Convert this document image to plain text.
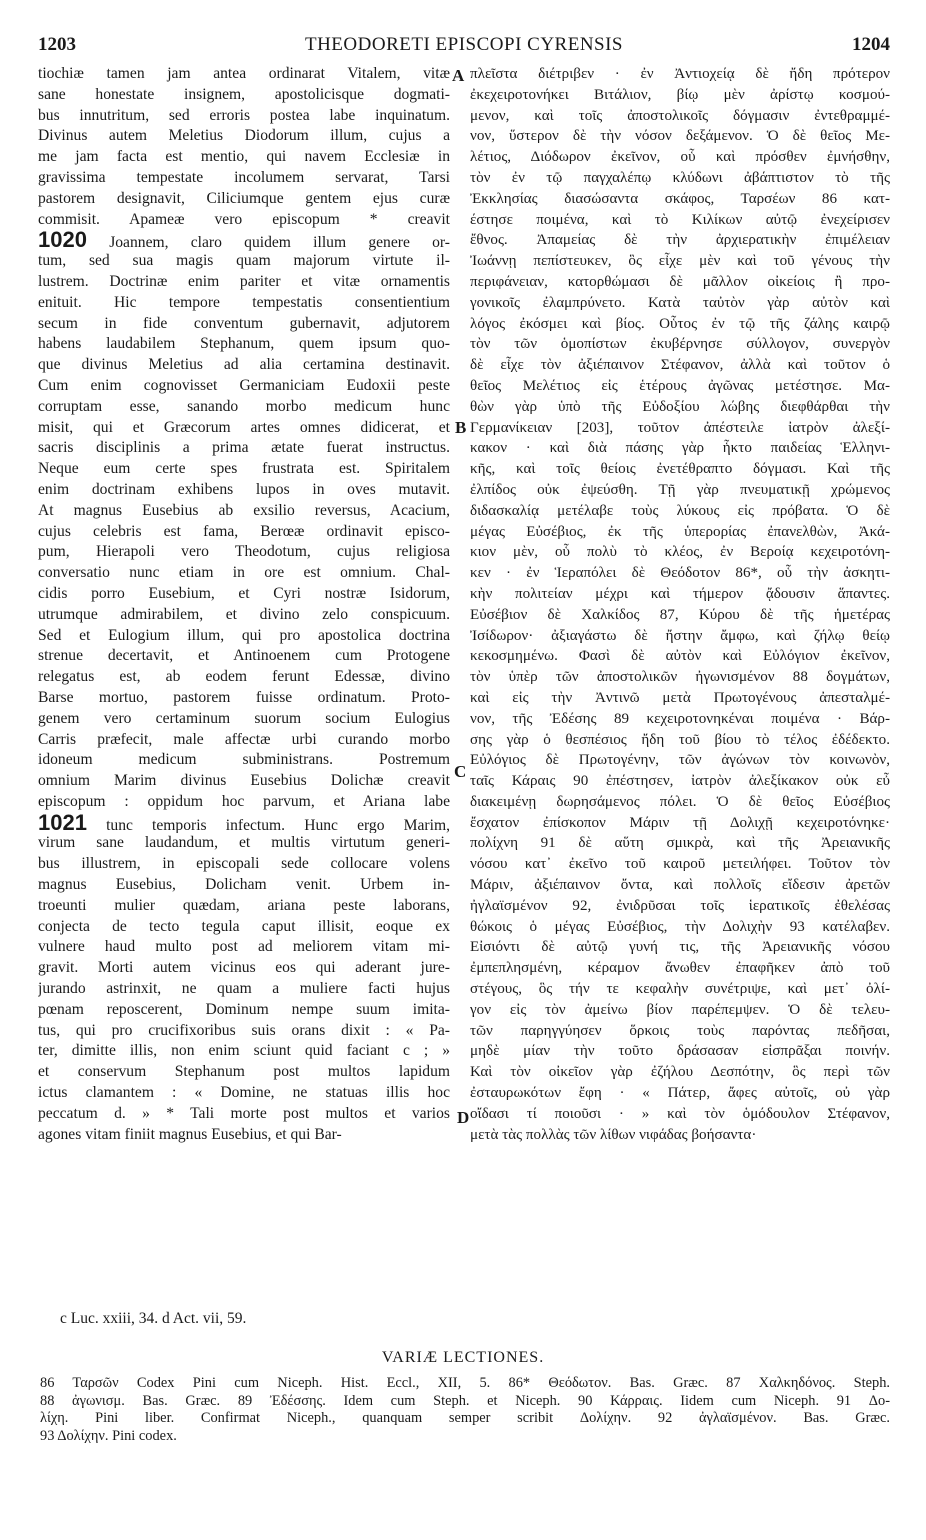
1203	THEODORETI EPISCOPI CYRENSIS	1204
tiochiæ tamen jam antea ordinarat Vitalem, vitæ
sane honestate insignem, apostolicisque dogmati-
bus innutritum, sed erroris postea labe inquinatum.
Divinus autem Meletius Diodorum illum, cujus a
me jam facta est mentio, qui navem Ecclesiæ in
gravissima tempestate incolumem servarat, Tarsi
pastorem designavit, Ciliciumque gentem ejus curæ
commisit. Apameæ vero episcopum * creavit
1020 Joannem, claro quidem illum genere or-
tum, sed sua magis quam majorum virtute il-
lustrem. Doctrinæ enim pariter et vitæ ornamentis
enituit. Hic tempore tempestatis consentientium
secum in fide conventum gubernavit, adjutorem
habens laudabilem Stephanum, quem ipsum quo-
que divinus Meletius ad alia certamina destinavit.
Cum enim cognovisset Germaniciam Eudoxii peste
corruptam esse, sanando morbo medicum hunc
misit, qui et Græcorum artes omnes didicerat, et
sacris disciplinis a prima ætate fuerat instructus.
Neque eum certe spes frustrata est. Spiritalem
enim doctrinam exhibens lupos in oves mutavit.
At magnus Eusebius ab exsilio reversus, Acacium,
cujus celebris est fama, Berœæ ordinavit episco-
pum, Hierapoli vero Theodotum, cujus religiosa
conversatio nunc etiam in ore est omnium. Chal-
cidis porro Eusebium, et Cyri nostræ Isidorum,
utrumque admirabilem, et divino zelo conspicuum.
Sed et Eulogium illum, qui pro apostolica doctrina
strenue decertavit, et Antinoenem cum Protogene
relegatus est, ab eodem ferunt Edessæ, divino
Barse mortuo, pastorem fuisse ordinatum. Proto-
genem vero certaminum suorum socium Eulogius
Carris præfecit, male affectæ urbi curando morbo
idoneum medicum subministrans. Postremum
omnium Marim divinus Eusebius Dolichæ creavit
episcopum : oppidum hoc parvum, et Ariana labe
1021 tunc temporis infectum. Hunc ergo Marim,
virum sane laudandum, et multis virtutum generi-
bus illustrem, in episcopali sede collocare volens
magnus Eusebius, Dolicham venit. Urbem in-
troeunti mulier quædam, ariana peste laborans,
conjecta de tecto tegula caput illisit, eoque ex
vulnere haud multo post ad meliorem vitam mi-
gravit. Morti autem vicinus eos qui aderant jure-
jurando astrinxit, ne quam a muliere facti hujus
pœnam reposcerent, Dominum nempe suum imita-
tus, qui pro crucifixoribus suis orans dixit : « Pa-
ter, dimitte illis, non enim sciunt quid faciant c ; »
et conservum Stephanum post multos lapidum
ictus clamantem : « Domine, ne statuas illis hoc
peccatum d. » * Tali morte post multos et varios
agones vitam finiit magnus Eusebius, et qui Bar-
πλεῖστα διέτριβεν · ἐν Ἀντιοχείᾳ δὲ ἤδη πρότερον
ἐκεχειροτονήκει Βιτάλιον, βίῳ μὲν ἀρίστῳ κοσμού-
μενον, καὶ τοῖς ἀποστολικοῖς δόγμασιν ἐντεθραμμέ-
νον, ὕστερον δὲ τὴν νόσον δεξάμενον. Ὁ δὲ θεῖος Με-
λέτιος, Διόδωρον ἐκεῖνον, οὗ καὶ πρόσθεν ἐμνήσθην,
τὸν ἐν τῷ παγχαλέπῳ κλύδωνι ἀβάπτιστον τὸ τῆς
Ἐκκλησίας διασώσαντα σκάφος, Ταρσέων 86 κατ-
έστησε ποιμένα, καὶ τὸ Κιλίκων αὐτῷ ἐνεχείρισεν
ἔθνος. Ἀπαμείας δὲ τὴν ἀρχιερατικὴν ἐπιμέλειαν
Ἰωάννῃ πεπίστευκεν, ὃς εἶχε μὲν καὶ τοῦ γένους τὴν
περιφάνειαν, κατορθώμασι δὲ μᾶλλον οἰκείοις ἢ προ-
γονικοῖς ἐλαμπρύνετο. Κατὰ ταὐτὸν γὰρ αὐτὸν καὶ
λόγος ἐκόσμει καὶ βίος. Οὗτος ἐν τῷ τῆς ζάλης καιρῷ
τὸν τῶν ὁμοπίστων ἐκυβέρνησε σύλλογον, συνεργὸν
δὲ εἶχε τὸν ἀξιέπαινον Στέφανον, ἀλλὰ καὶ τοῦτον ὁ
θεῖος Μελέτιος εἰς ἑτέρους ἀγῶνας μετέστησε. Μα-
θὼν γὰρ ὑπὸ τῆς Εὐδοξίου λώβης διεφθάρθαι τὴν
Γερμανίκειαν [203], τοῦτον ἀπέστειλε ἰατρὸν ἀλεξί-
κακον · καὶ διὰ πάσης γὰρ ἧκτο παιδείας Ἑλληνι-
κῆς, καὶ τοῖς θείοις ἐνετέθραπτο δόγμασι. Καὶ τῆς
ἐλπίδος οὐκ ἐψεύσθη. Τῇ γὰρ πνευματικῇ χρώμενος
διδασκαλίᾳ μετέλαβε τοὺς λύκους εἰς πρόβατα. Ὁ δὲ
μέγας Εὐσέβιος, ἐκ τῆς ὑπερορίας ἐπανελθὼν, Ἀκά-
κιον μὲν, οὗ πολὺ τὸ κλέος, ἐν Βεροίᾳ κεχειροτόνη-
κεν · ἐν Ἱεραπόλει δὲ Θεόδοτον 86*, οὗ τὴν ἀσκητι-
κὴν πολιτείαν μέχρι καὶ τήμερον ᾄδουσιν ἅπαντες.
Εὐσέβιον δὲ Χαλκίδος 87, Κύρου δὲ τῆς ἡμετέρας
Ἰσίδωρον· ἀξιαγάστω δὲ ἤστην ἄμφω, καὶ ζήλῳ θείῳ
κεκοσμημένω. Φασὶ δὲ αὐτὸν καὶ Εὐλόγιον ἐκεῖνον,
τὸν ὑπὲρ τῶν ἀποστολικῶν ἠγωνισμένον 88 δογμάτων,
καὶ εἰς τὴν Ἀντινῶ μετὰ Πρωτογένους ἀπεσταλμέ-
νον, τῆς Ἐδέσης 89 κεχειροτονηκέναι ποιμένα · Βάρ-
σης γὰρ ὁ θεσπέσιος ἤδη τοῦ βίου τὸ τέλος ἐδέδεκτο.
Εὐλόγιος δὲ Πρωτογένην, τῶν ἀγώνων τὸν κοινωνὸν,
ταῖς Κάραις 90 ἐπέστησεν, ἰατρὸν ἀλεξίκακον οὐκ εὖ
διακειμένῃ δωρησάμενος πόλει. Ὁ δὲ θεῖος Εὐσέβιος
ἔσχατον ἐπίσκοπον Μάριν τῇ Δολιχῇ κεχειροτόνηκε·
πολίχνη 91 δὲ αὕτη σμικρὰ, καὶ τῆς Ἀρειανικῆς
νόσου κατ᾿ ἐκεῖνο τοῦ καιροῦ μετειλήφει. Τοῦτον τὸν
Μάριν, ἀξιέπαινον ὄντα, καὶ πολλοῖς εἴδεσιν ἀρετῶν
ἠγλαϊσμένον 92, ἐνιδρῦσαι τοῖς ἱερατικοῖς ἐθελέσας
θώκοις ὁ μέγας Εὐσέβιος, τὴν Δολιχὴν 93 κατέλαβεν.
Εἰσιόντι δὲ αὐτῷ γυνή τις, τῆς Ἀρειανικῆς νόσου
ἐμπεπλησμένη, κέραμον ἄνωθεν ἐπαφῆκεν ἀπὸ τοῦ
στέγους, ὃς τήν τε κεφαλὴν συνέτριψε, καὶ μετ᾿ ὀλί-
γον εἰς τὸν ἀμείνω βίον παρέπεμψεν. Ὁ δὲ τελευ-
τῶν παρηγγύησεν ὅρκοις τοὺς παρόντας πεδῆσαι,
μηδὲ μίαν τὴν τοῦτο δράσασαν εἰσπρᾶξαι ποινήν.
Καὶ τὸν οἰκεῖον γὰρ ἐζήλου Δεσπότην, ὃς περὶ τῶν
ἐσταυρωκότων ἔφη · « Πάτερ, ἄφες αὐτοῖς, οὐ γὰρ
οἴδασι τί ποιοῦσι · » καὶ τὸν ὁμόδουλον Στέφανον,
μετὰ τὰς πολλὰς τῶν λίθων νιφάδας βοήσαντα·
A
B
C
D
c Luc. xxiii, 34. d Act. vii, 59.
VARIÆ LECTIONES.
86 Ταρσῶν Codex Pini cum Niceph. Hist. Eccl., XII, 5. 86* Θεόδωτον. Bas. Græc. 87 Χαλκηδόνος. Steph.
88 ἀγωνισμ. Bas. Græc. 89 Ἐδέσσης. Idem cum Steph. et Niceph. 90 Κάρραις. Iidem cum Niceph. 91 Δο-
λίχη. Pini liber. Confirmat Niceph., quanquam semper scribit Δολίχην. 92 ἀγλαϊσμένον. Bas. Græc.
93 Δολίχην. Pini codex.
